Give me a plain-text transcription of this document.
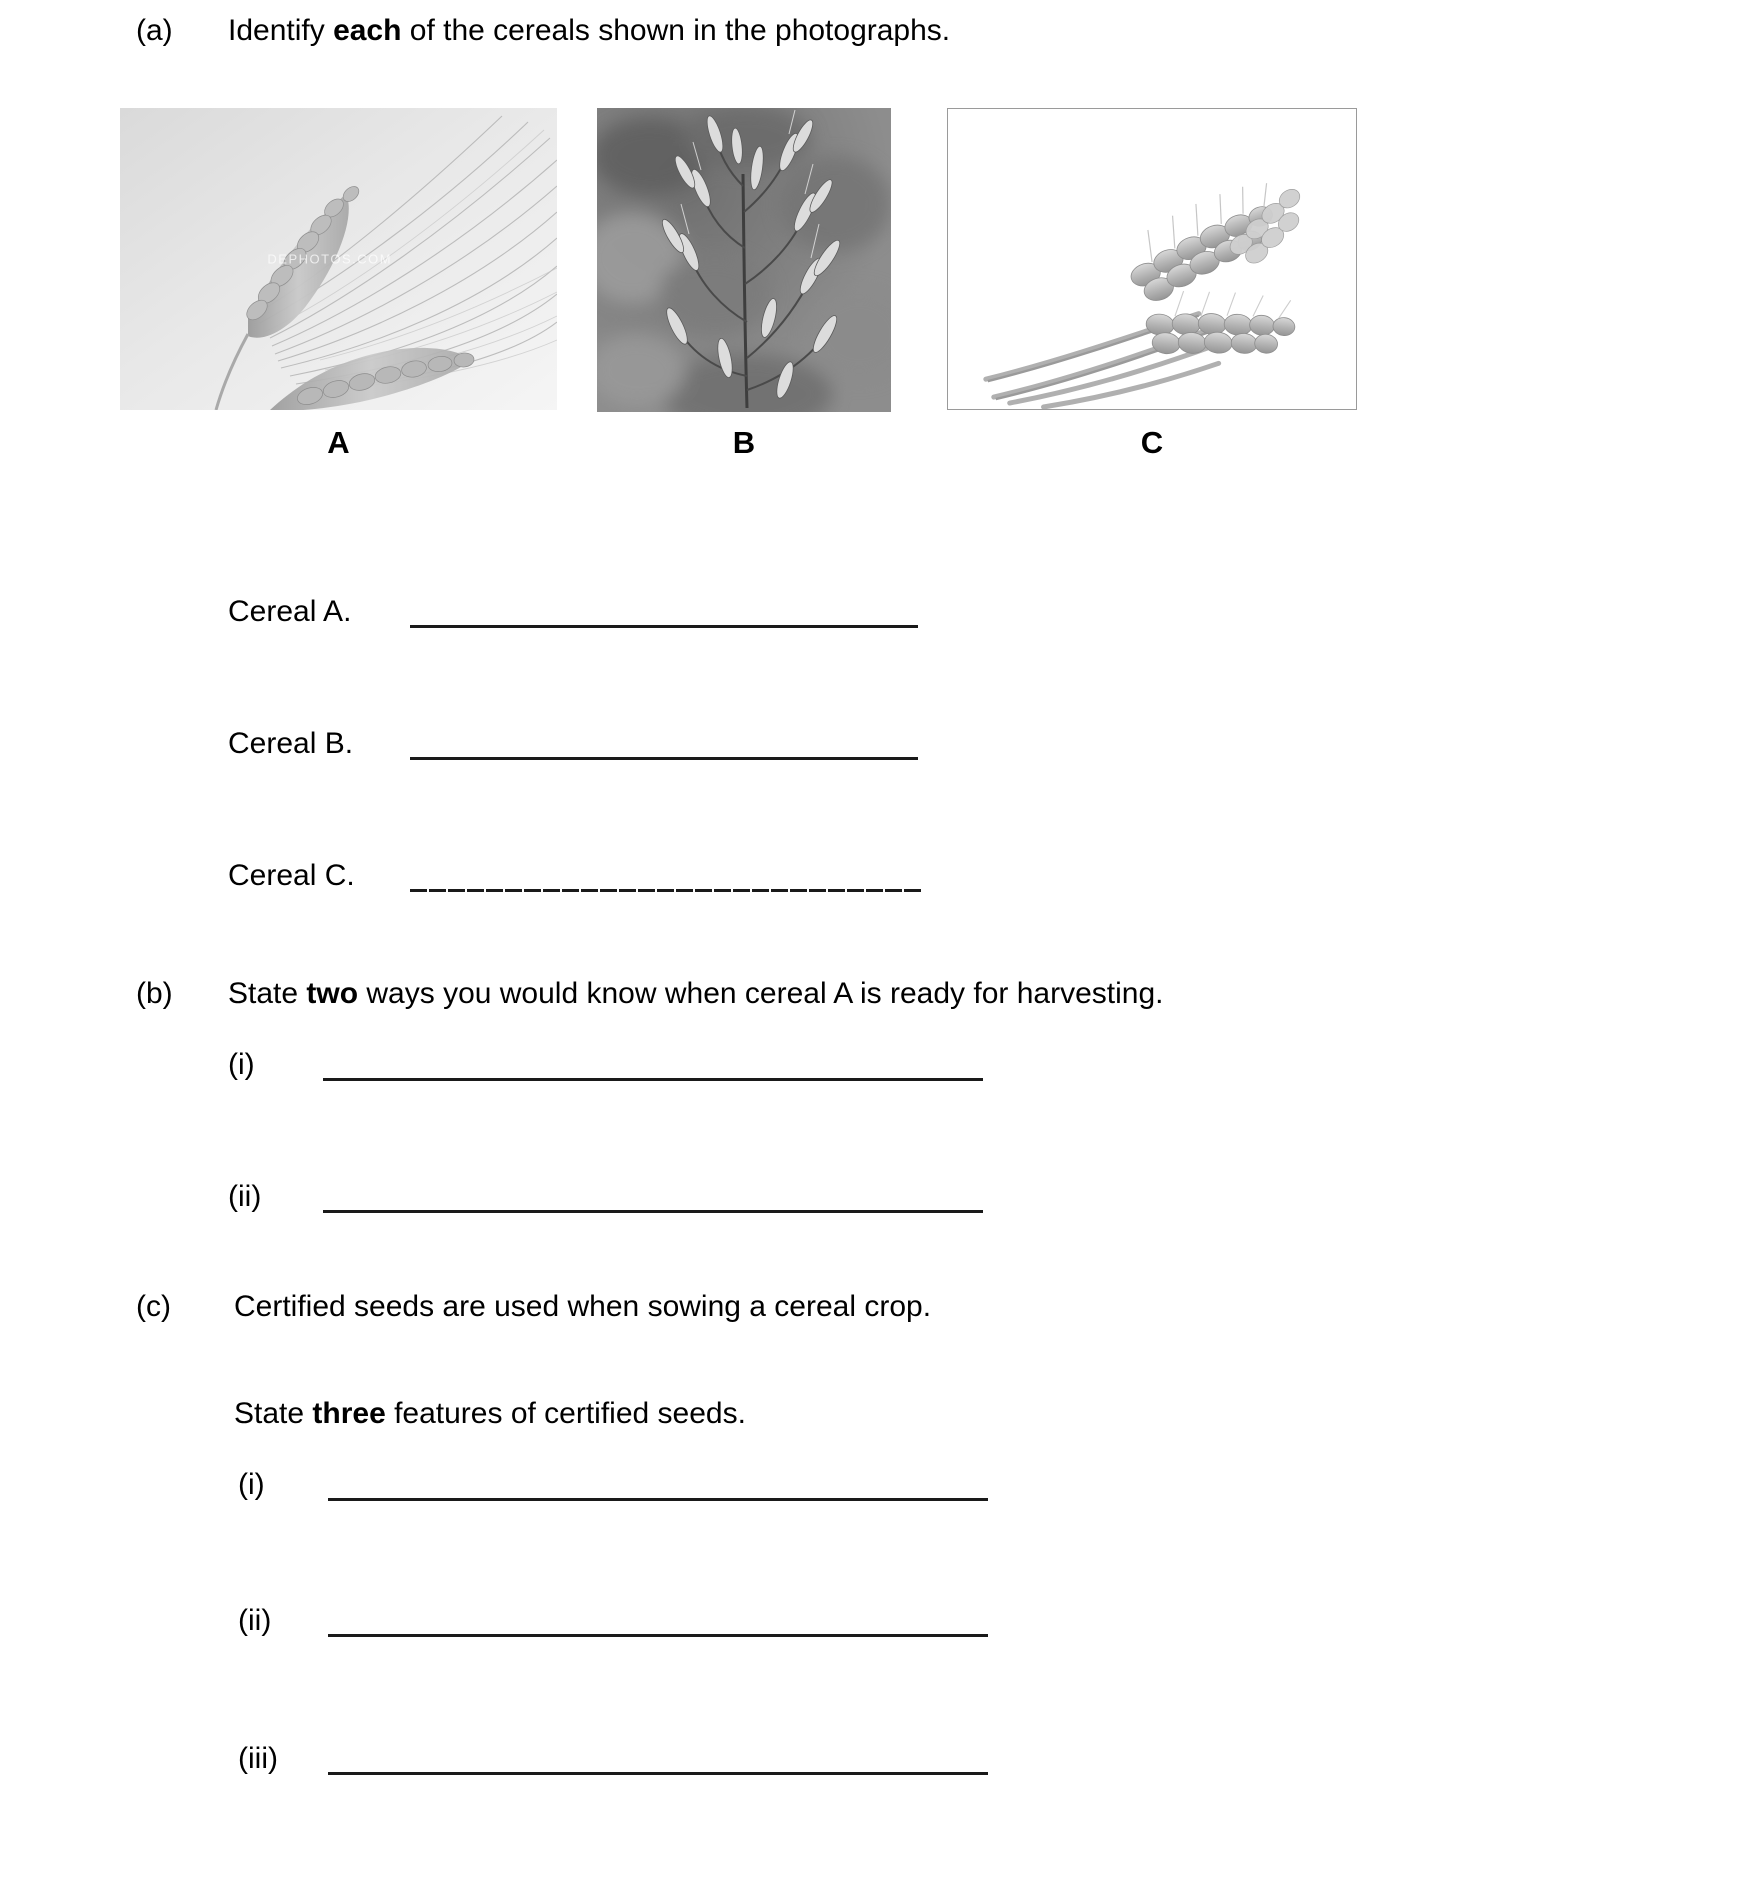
(a)	Identify each of the cereals shown in the photographs.
DEPHOTOS.COM
A	B	C
Cereal A.
Cereal B.
Cereal C.
(b)	State two ways you would know when cereal A is ready for harvesting.
(i)
(ii)
(c)	Certified seeds are used when sowing a cereal crop.
State three features of certified seeds.
(i)
(ii)
(iii)
